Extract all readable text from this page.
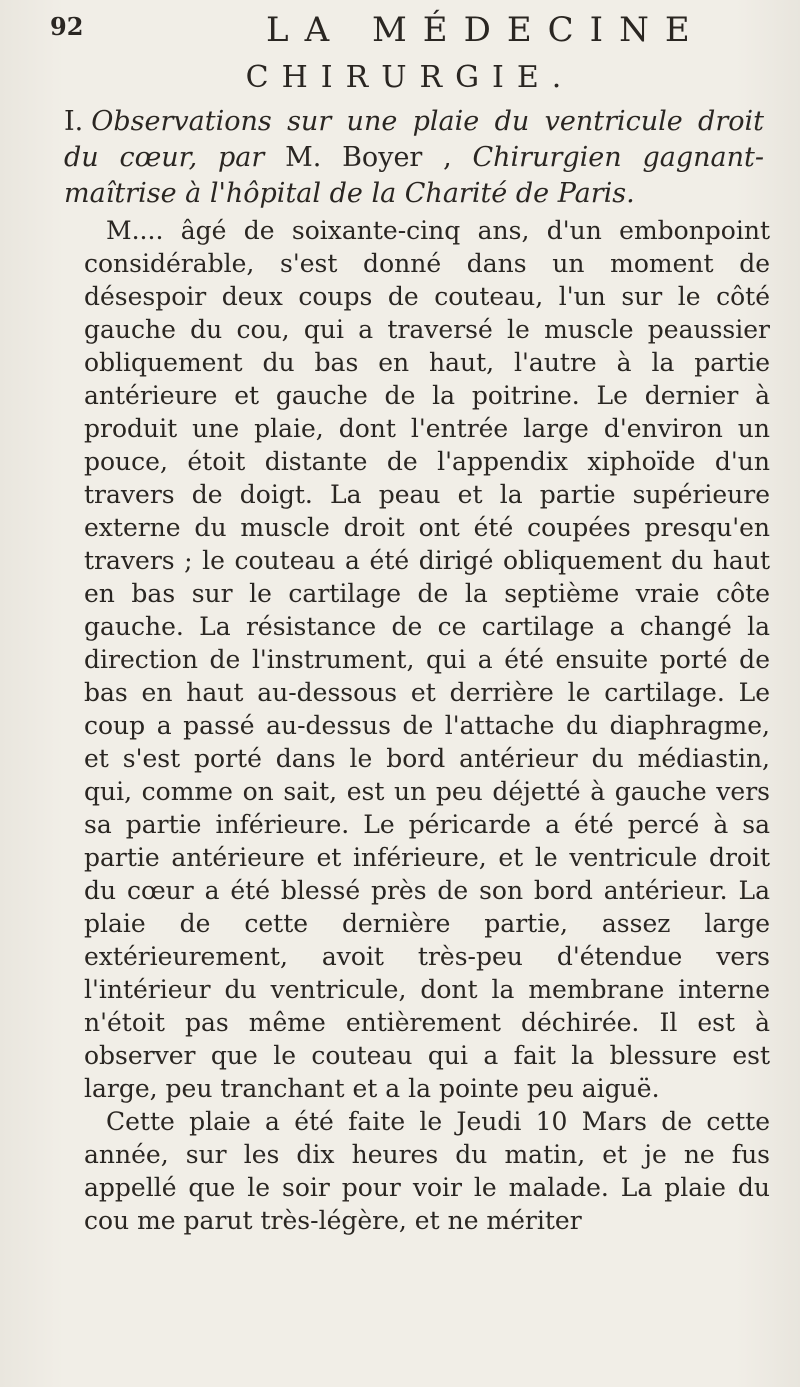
92	LA MÉDECINE
CHIRURGIE.
I. Observations sur une plaie du ventricule droit du cœur, par M. Boyer , Chirurgien gagnant-maîtrise à l'hôpital de la Charité de Paris.

M.... âgé de soixante-cinq ans, d'un embonpoint considérable, s'est donné dans un moment de désespoir deux coups de couteau, l'un sur le côté gauche du cou, qui a traversé le muscle peaussier obliquement du bas en haut, l'autre à la partie antérieure et gauche de la poitrine. Le dernier à produit une plaie, dont l'entrée large d'environ un pouce, étoit distante de l'appendix xiphoïde d'un travers de doigt. La peau et la partie supérieure externe du muscle droit ont été coupées presqu'en travers ; le couteau a été dirigé obliquement du haut en bas sur le cartilage de la septième vraie côte gauche. La résistance de ce cartilage a changé la direction de l'instrument, qui a été ensuite porté de bas en haut au-dessous et derrière le cartilage. Le coup a passé au-dessus de l'attache du diaphragme, et s'est porté dans le bord antérieur du médiastin, qui, comme on sait, est un peu déjetté à gauche vers sa partie inférieure. Le péricarde a été percé à sa partie antérieure et inférieure, et le ventricule droit du cœur a été blessé près de son bord antérieur. La plaie de cette dernière partie, assez large extérieurement, avoit très-peu d'étendue vers l'intérieur du ventricule, dont la membrane interne n'étoit pas même entièrement déchirée. Il est à observer que le couteau qui a fait la blessure est large, peu tranchant et a la pointe peu aiguë.

Cette plaie a été faite le Jeudi 10 Mars de cette année, sur les dix heures du matin, et je ne fus appellé que le soir pour voir le malade. La plaie du cou me parut très-légère, et ne mériter
